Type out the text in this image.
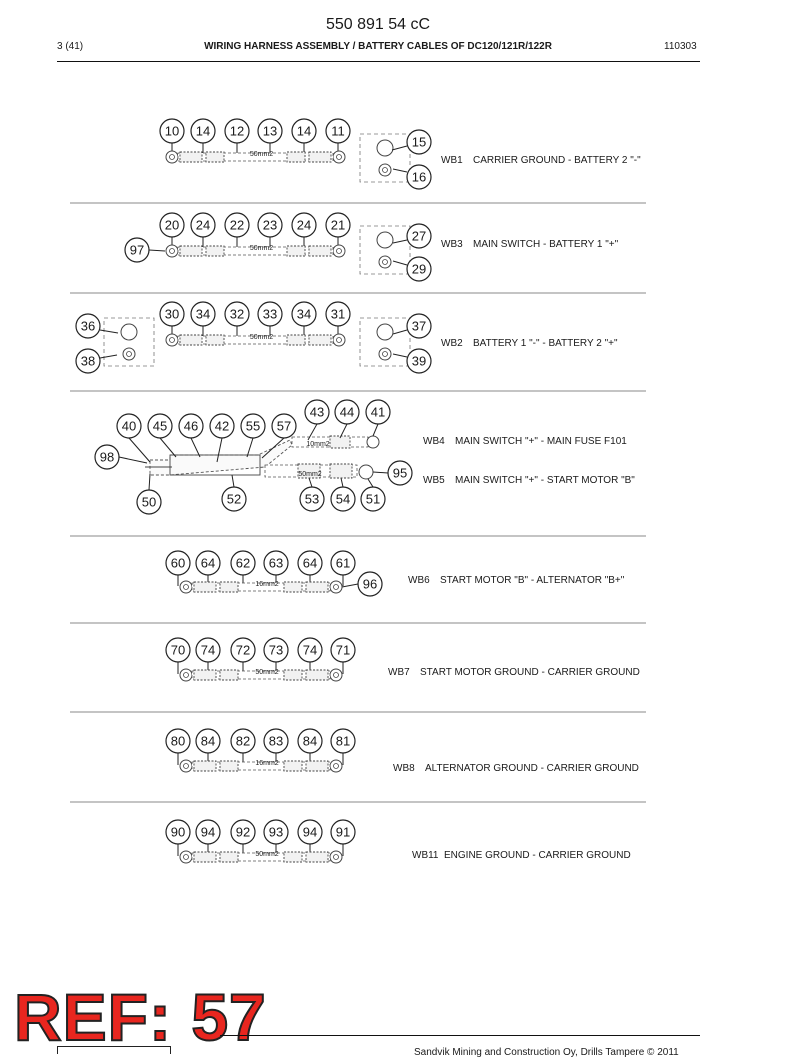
550 891 54 cC
3 (41)	WIRING HARNESS ASSEMBLY / BATTERY CABLES OF DC120/121R/122R	110303
10 14 12 13 14 11
50mm2
15
16
WB1 CARRIER GROUND - BATTERY 2 "-"
20 24 22 23 24 21
50mm2
97
27
29
WB3 MAIN SWITCH - BATTERY 1 "+"
30 34 32 33 34 31
50mm2
36
38
37
39
WB2 BATTERY 1 "-" - BATTERY 2 "+"
10mm2
50mm2
40 45 46 42 55 57
43 44 41
98
50	52	53 54 51
95
WB4 MAIN SWITCH "+" - MAIN FUSE F101
WB5 MAIN SWITCH "+" - START MOTOR "B"
60 64 62 63 64 61
16mm2	96	WB6 START MOTOR "B" - ALTERNATOR "B+"
70 74 72 73 74 71
50mm2	WB7 START MOTOR GROUND - CARRIER GROUND
80 84 82 83 84 81
16mm2	WB8 ALTERNATOR GROUND - CARRIER GROUND
90 94 92 93 94 91
50mm2	WB11 ENGINE GROUND - CARRIER GROUND
REF: 57	Sandvik Mining and Construction Oy, Drills Tampere © 2011
